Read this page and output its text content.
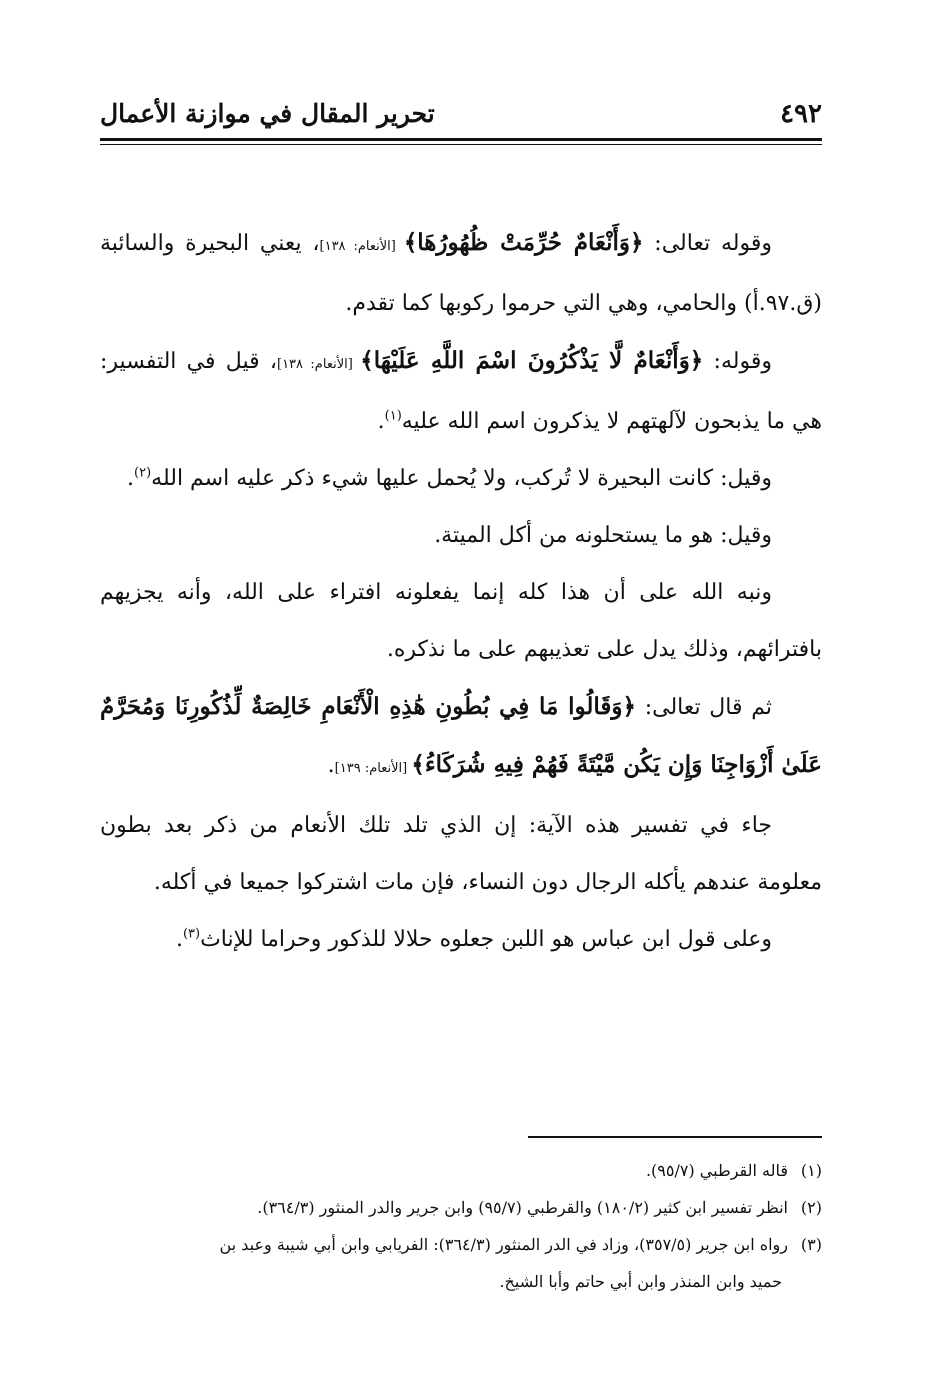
٤٩٢
تحرير المقال في موازنة الأعمال

وقوله تعالى: ﴿وَأَنْعَامٌ حُرِّمَتْ ظُهُورُهَا﴾ [الأنعام: ١٣٨]، يعني البحيرة والسائبة (ق.٩٧.أ) والحامي، وهي التي حرموا ركوبها كما تقدم.

وقوله: ﴿وَأَنْعَامٌ لَّا يَذْكُرُونَ اسْمَ اللَّهِ عَلَيْهَا﴾ [الأنعام: ١٣٨]، قيل في التفسير: هي ما يذبحون لآلهتهم لا يذكرون اسم الله عليه$^{(١)}$.

وقيل: كانت البحيرة لا تُركب، ولا يُحمل عليها شيء ذكر عليه اسم الله$^{(٢)}$.

وقيل: هو ما يستحلونه من أكل الميتة.

ونبه الله على أن هذا كله إنما يفعلونه افتراء على الله، وأنه يجزيهم بافترائهم، وذلك يدل على تعذيبهم على ما نذكره.

ثم قال تعالى: ﴿وَقَالُوا مَا فِي بُطُونِ هَٰذِهِ الْأَنْعَامِ خَالِصَةٌ لِّذُكُورِنَا وَمُحَرَّمٌ عَلَىٰ أَزْوَاجِنَا وَإِن يَكُن مَّيْتَةً فَهُمْ فِيهِ شُرَكَاءُ﴾ [الأنعام: ١٣٩].

جاء في تفسير هذه الآية: إن الذي تلد تلك الأنعام من ذكر بعد بطون معلومة عندهم يأكله الرجال دون النساء، فإن مات اشتركوا جميعا في أكله.

وعلى قول ابن عباس هو اللبن جعلوه حلالا للذكور وحراما للإناث$^{(٣)}$.

(١)قاله القرطبي (٩٥/٧).

(٢)انظر تفسير ابن كثير (١٨٠/٢) والقرطبي (٩٥/٧) وابن جرير والدر المنثور (٣٦٤/٣).

(٣)رواه ابن جرير (٣٥٧/٥)، وزاد في الدر المنثور (٣٦٤/٣): الفريابي وابن أبي شيبة وعبد بن

حميد وابن المنذر وابن أبي حاتم وأبا الشيخ.
